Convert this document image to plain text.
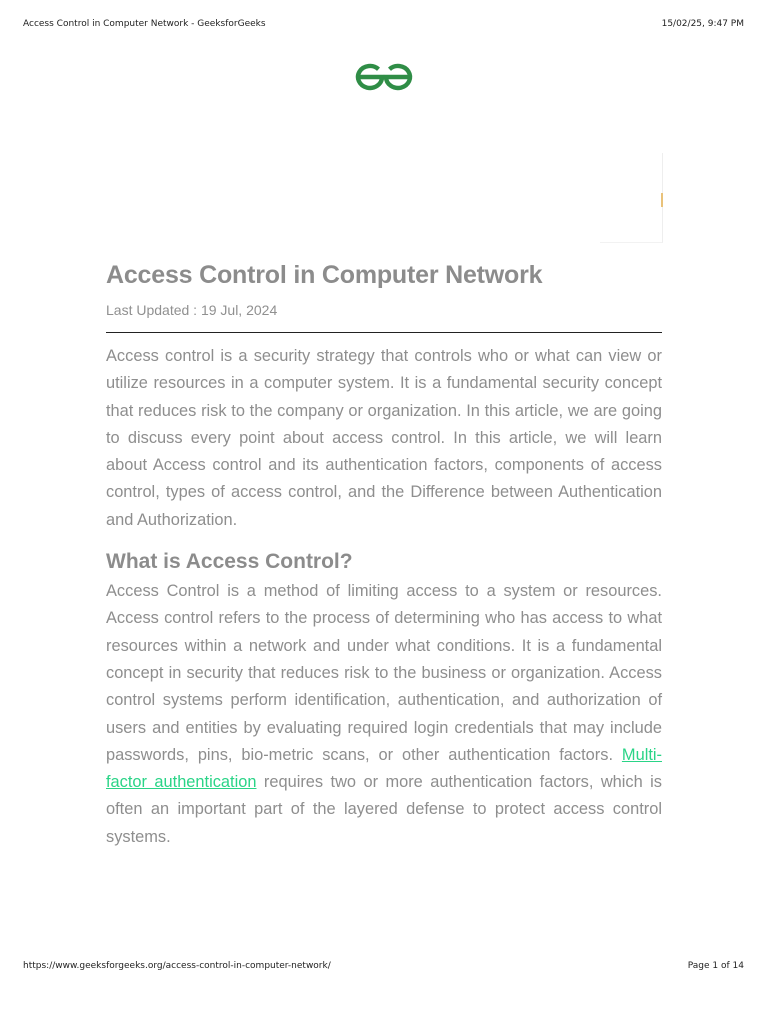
Access Control in Computer Network - GeeksforGeeks	15/02/25, 9:47 PM
Access Control in Computer Network
Last Updated : 19 Jul, 2024

Access control is a security strategy that controls who or what can view or utilize resources in a computer system. It is a fundamental security concept that reduces risk to the company or organization. In this article, we are going to discuss every point about access control. In this article, we will learn about Access control and its authentication factors, components of access control, types of access control, and the Difference between Authentication and Authorization.

What is Access Control?

Access Control is a method of limiting access to a system or resources. Access control refers to the process of determining who has access to what resources within a network and under what conditions. It is a fundamental concept in security that reduces risk to the business or organization. Access control systems perform identification, authentication, and authorization of users and entities by evaluating required login credentials that may include passwords, pins, bio-metric scans, or other authentication factors. Multi-factor authentication requires two or more authentication factors, which is often an important part of the layered defense to protect access control systems.

https://www.geeksforgeeks.org/access-control-in-computer-network/	Page 1 of 14
